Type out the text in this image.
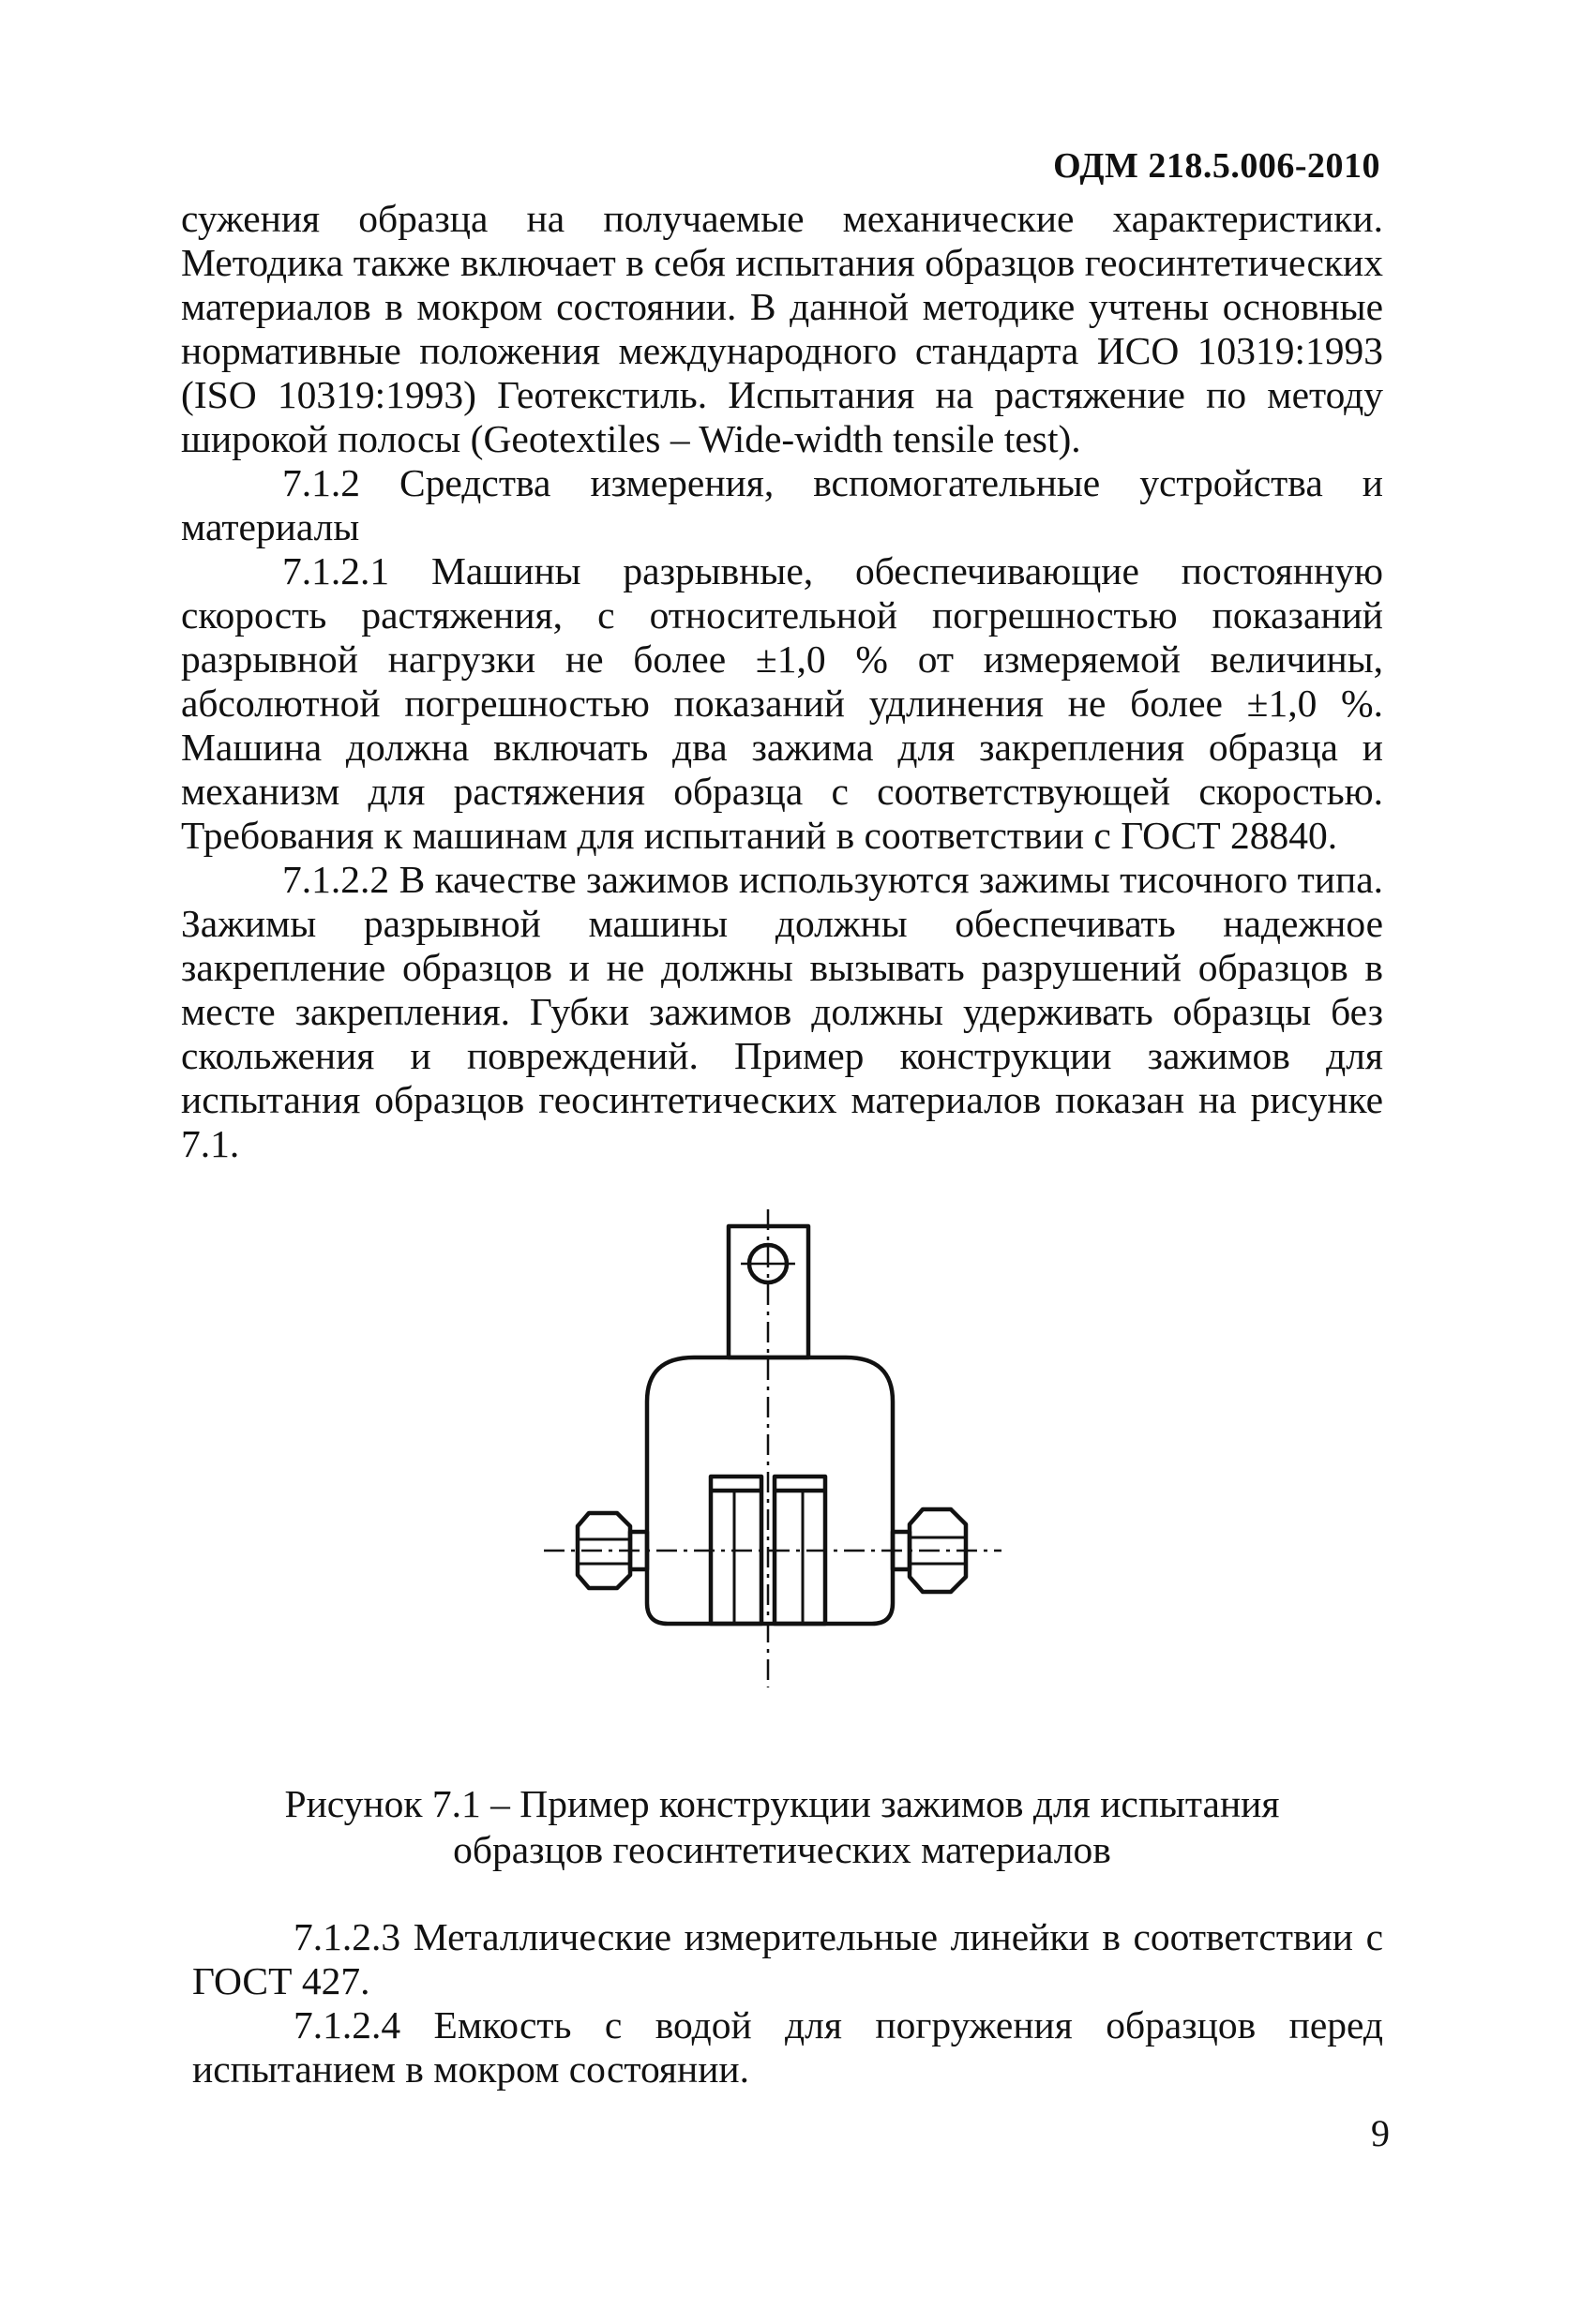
ОДМ 218.5.006-2010

сужения образца на получаемые механические характеристики. Методика также включает в себя испытания образцов геосинтетических материалов в мокром состоянии. В данной методике учтены основные нормативные положения международного стандарта ИСО 10319:1993 (ISO 10319:1993) Геотекстиль. Испытания на растяжение по методу широкой полосы (Geotextiles – Wide-width tensile test).

7.1.2 Средства измерения, вспомогательные устройства и материалы

7.1.2.1 Машины разрывные, обеспечивающие постоянную скорость растяжения, с относительной погрешностью показаний разрывной нагрузки не более ±1,0 % от измеряемой величины, абсолютной погрешностью показаний удлинения не более ±1,0 %. Машина должна включать два зажима для закрепления образца и механизм для растяжения образца с соответствующей скоростью. Требования к машинам для испытаний в соответствии с ГОСТ 28840.

7.1.2.2 В качестве зажимов используются зажимы тисочного типа. Зажимы разрывной машины должны обеспечивать надежное закрепление образцов и не должны вызывать разрушений образцов в месте закрепления. Губки зажимов должны удерживать образцы без скольжения и повреждений. Пример конструкции зажимов для испытания образцов геосинтетических материалов показан на рисунке 7.1.

Рисунок 7.1 – Пример конструкции зажимов для испытания

образцов геосинтетических материалов

7.1.2.3 Металлические измерительные линейки в соответствии с ГОСТ 427.

7.1.2.4 Емкость с водой для погружения образцов перед испытанием в мокром состоянии.

9
